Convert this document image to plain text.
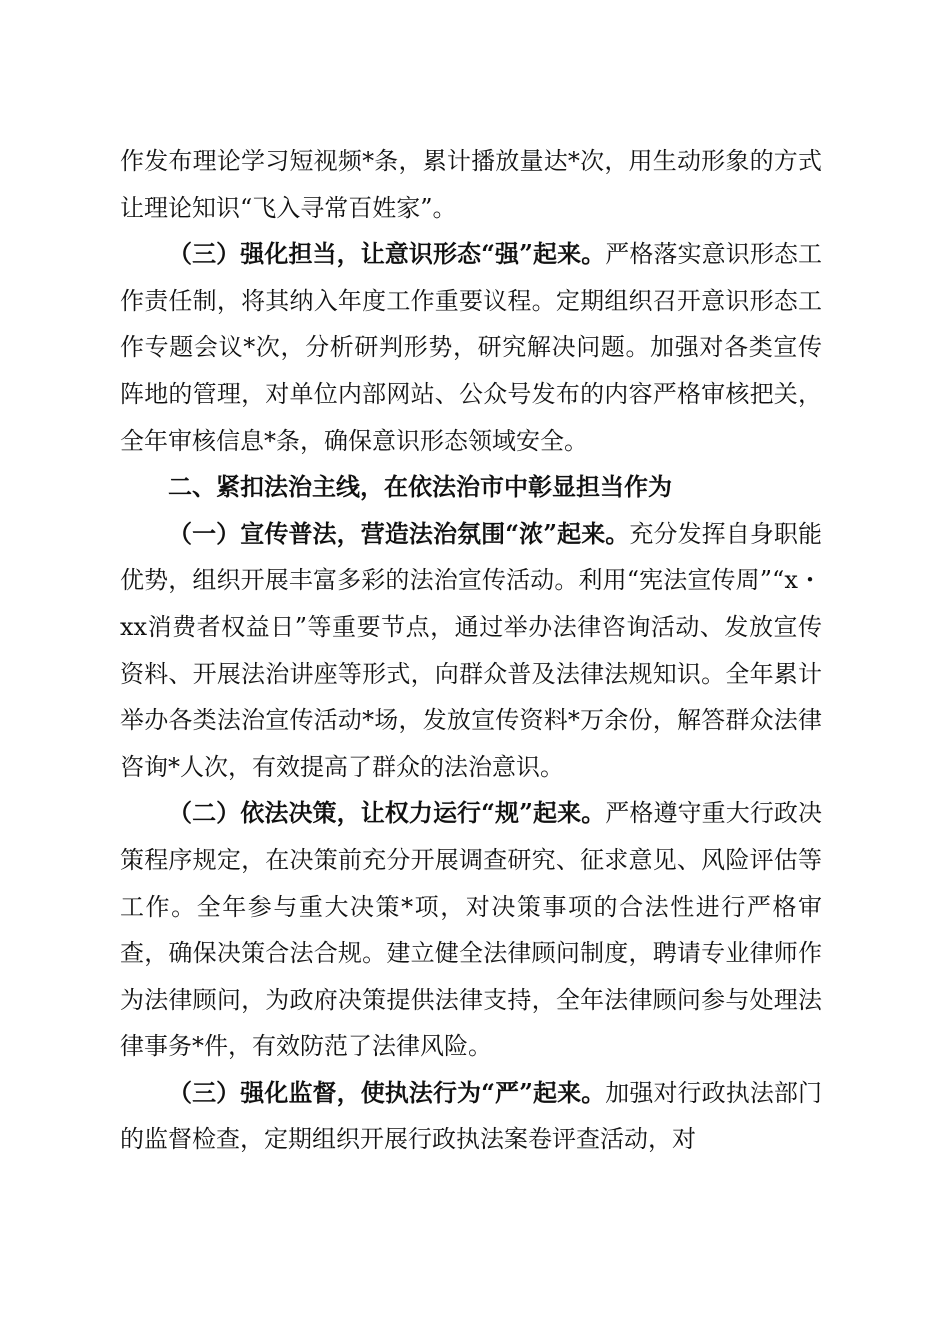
作发布理论学习短视频*条，累计播放量达*次，用生动形象的方式让理论知识“飞入寻常百姓家”。

（三）强化担当，让意识形态“强”起来。严格落实意识形态工作责任制，将其纳入年度工作重要议程。定期组织召开意识形态工作专题会议*次，分析研判形势，研究解决问题。加强对各类宣传阵地的管理，对单位内部网站、公众号发布的内容严格审核把关，全年审核信息*条，确保意识形态领域安全。

二、紧扣法治主线，在依法治市中彰显担当作为

（一）宣传普法，营造法治氛围“浓”起来。充分发挥自身职能优势，组织开展丰富多彩的法治宣传活动。利用“宪法宣传周”“x・xx消费者权益日”等重要节点，通过举办法律咨询活动、发放宣传资料、开展法治讲座等形式，向群众普及法律法规知识。全年累计举办各类法治宣传活动*场，发放宣传资料*万余份，解答群众法律咨询*人次，有效提高了群众的法治意识。

（二）依法决策，让权力运行“规”起来。严格遵守重大行政决策程序规定，在决策前充分开展调查研究、征求意见、风险评估等工作。全年参与重大决策*项，对决策事项的合法性进行严格审查，确保决策合法合规。建立健全法律顾问制度，聘请专业律师作为法律顾问，为政府决策提供法律支持，全年法律顾问参与处理法律事务*件，有效防范了法律风险。

（三）强化监督，使执法行为“严”起来。加强对行政执法部门的监督检查，定期组织开展行政执法案卷评查活动，对
